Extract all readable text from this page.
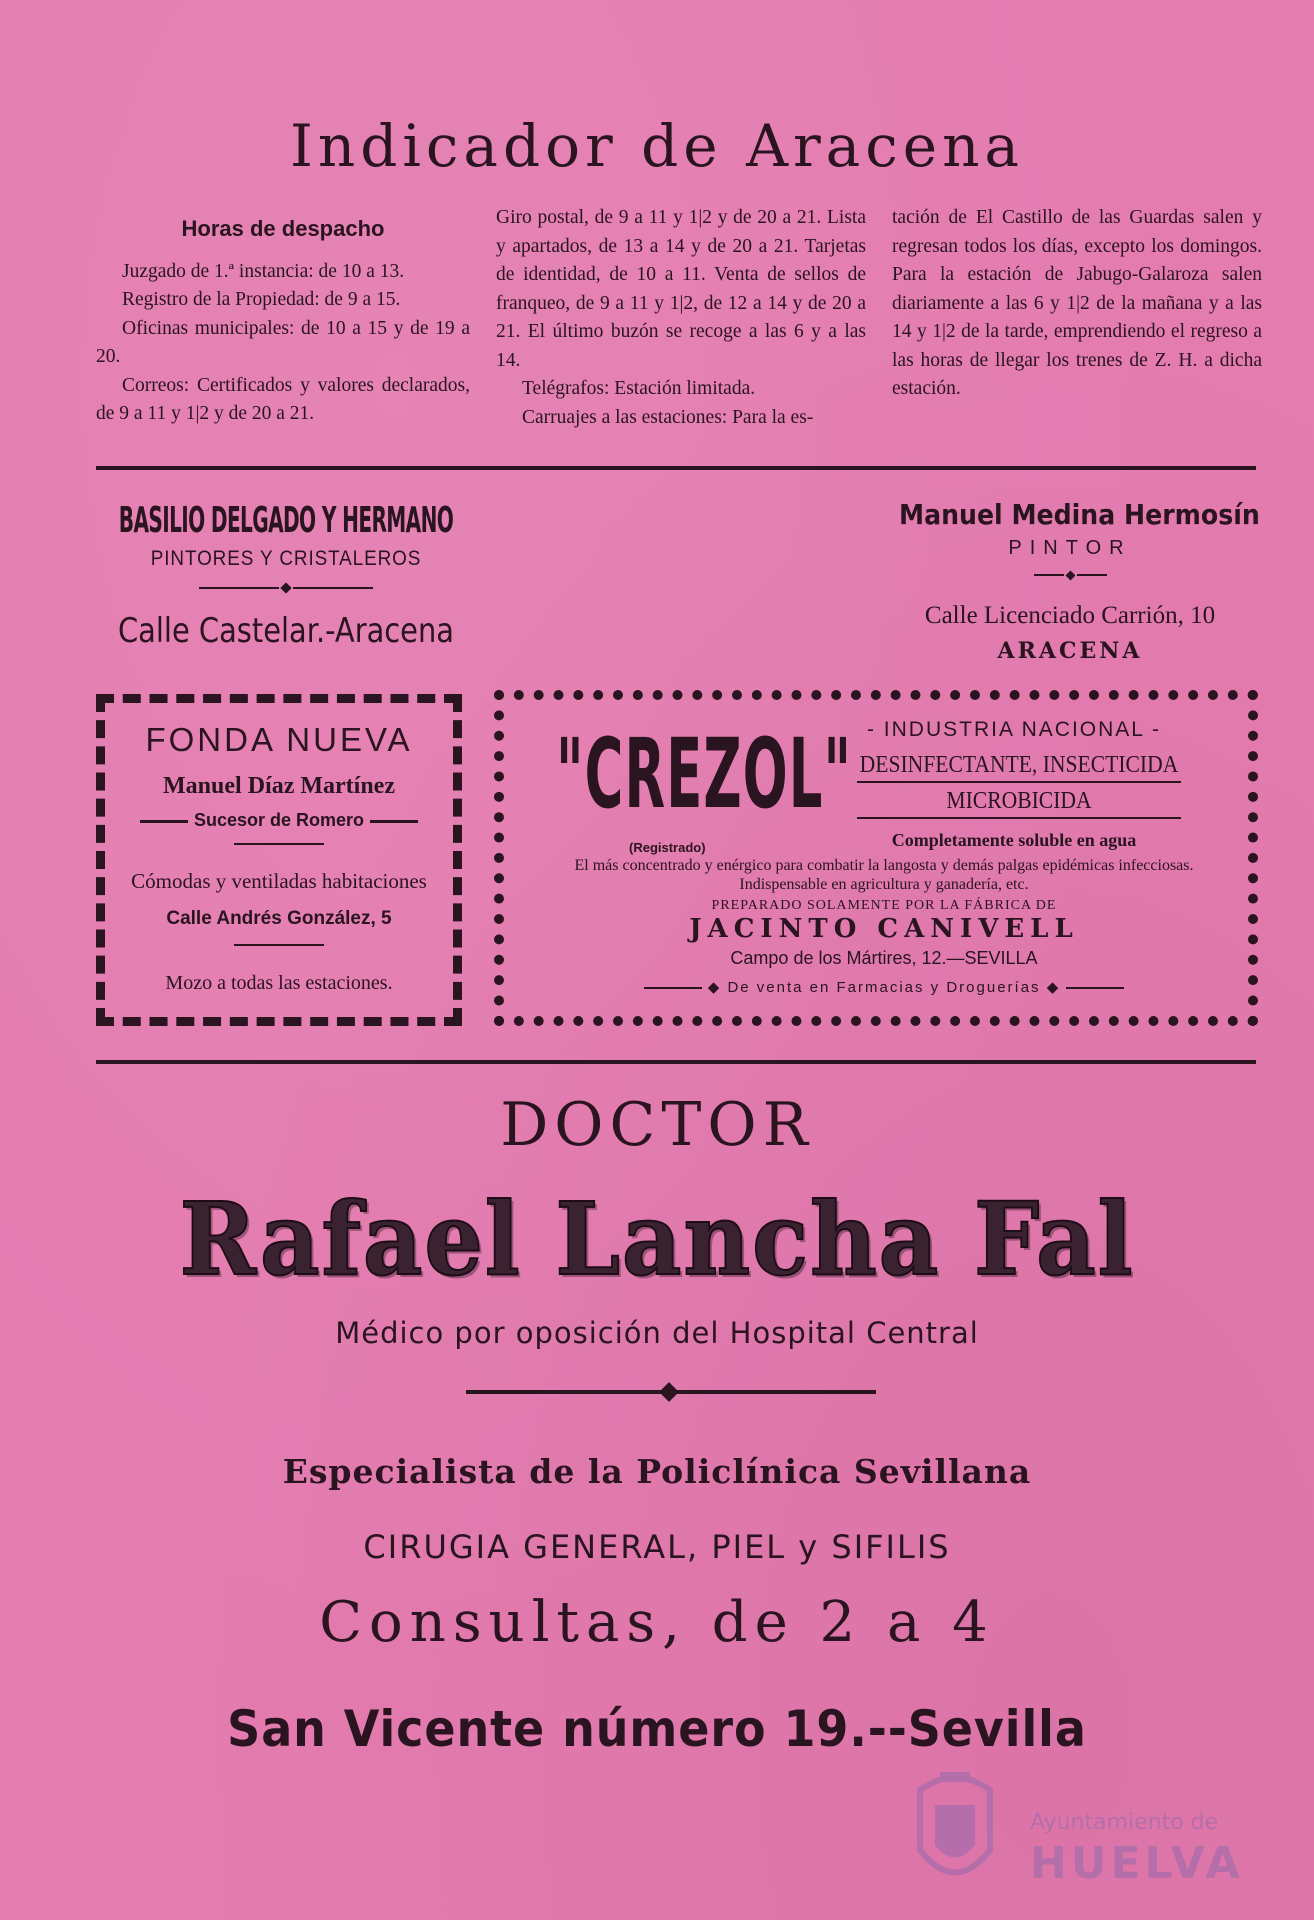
Indicador de Aracena
Horas de despacho

Juzgado de 1.ª instancia: de 10 a 13.

Registro de la Propiedad: de 9 a 15.

Oficinas municipales: de 10 a 15 y de 19 a 20.

Correos: Certificados y valores declarados, de 9 a 11 y 1|2 y de 20 a 21.

Giro postal, de 9 a 11 y 1|2 y de 20 a 21. Lista y apartados, de 13 a 14 y de 20 a 21. Tarjetas de identidad, de 10 a 11. Venta de sellos de franqueo, de 9 a 11 y 1|2, de 12 a 14 y de 20 a 21. El último buzón se recoge a las 6 y a las 14.

Telégrafos: Estación limitada.

Carruajes a las estaciones: Para la es-

tación de El Castillo de las Guardas salen y regresan todos los días, excepto los domingos. Para la estación de Jabugo-Galaroza salen diariamente a las 6 y 1|2 de la mañana y a las 14 y 1|2 de la tarde, emprendiendo el regreso a las horas de llegar los trenes de Z. H. a dicha estación.

BASILIO DELGADO Y HERMANO
PINTORES Y CRISTALEROS
Calle Castelar.-Aracena
Manuel Medina Hermosín
PINTOR
Calle Licenciado Carrión, 10
ARACENA
FONDA NUEVA
Manuel Díaz Martínez
Sucesor de Romero
Cómodas y ventiladas habitaciones
Calle Andrés González, 5
Mozo a todas las estaciones.
"CREZOL"
(Registrado)
- INDUSTRIA NACIONAL -
DESINFECTANTE, INSECTICIDA
MICROBICIDA
Completamente soluble en agua
El más concentrado y enérgico para combatir la langosta y demás palgas epidémicas infecciosas. Indispensable en agricultura y ganadería, etc.
PREPARADO SOLAMENTE POR LA FÁBRICA DE
JACINTO CANIVELL
Campo de los Mártires, 12.—SEVILLA
◆ De venta en Farmacias y Droguerías ◆
DOCTOR
Rafael Lancha Fal
Médico por oposición del Hospital Central
Especialista de la Policlínica Sevillana
CIRUGIA GENERAL, PIEL y SIFILIS
Consultas, de 2 a 4
San Vicente número 19.--Sevilla
Ayuntamiento de
HUELVA
